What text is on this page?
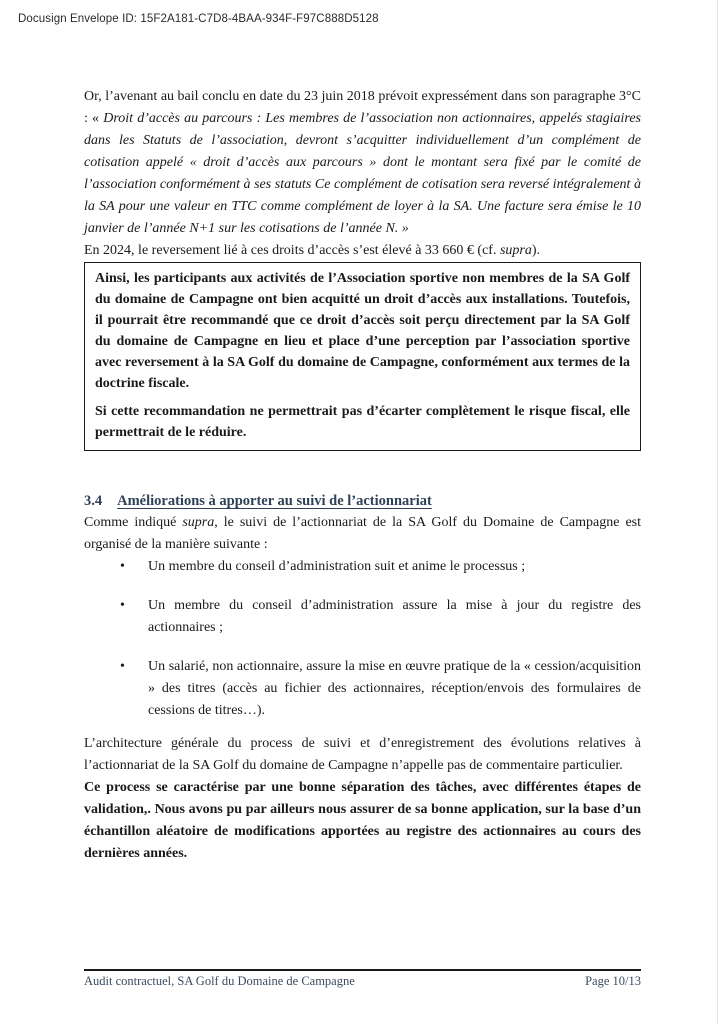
Docusign Envelope ID: 15F2A181-C7D8-4BAA-934F-F97C888D5128

Or, l’avenant au bail conclu en date du 23 juin 2018 prévoit expressément dans son paragraphe 3°C : « Droit d’accès au parcours : Les membres de l’association non actionnaires, appelés stagiaires dans les Statuts de l’association, devront s’acquitter individuellement d’un complément de cotisation appelé « droit d’accès aux parcours » dont le montant sera fixé par le comité de l’association conformément à ses statuts Ce complément de cotisation sera reversé intégralement à la SA pour une valeur en TTC comme complément de loyer à la SA. Une facture sera émise le 10 janvier de l’année N+1 sur les cotisations de l’année N. »

En 2024, le reversement lié à ces droits d’accès s’est élevé à 33 660 € (cf. supra).

Ainsi, les participants aux activités de l’Association sportive non membres de la SA Golf du domaine de Campagne ont bien acquitté un droit d’accès aux installations. Toutefois, il pourrait être recommandé que ce droit d’accès soit perçu directement par la SA Golf du domaine de Campagne en lieu et place d’une perception par l’association sportive avec reversement à la SA Golf du domaine de Campagne, conformément aux termes de la doctrine fiscale.

Si cette recommandation ne permettrait pas d’écarter complètement le risque fiscal, elle permettrait de le réduire.

3.4 Améliorations à apporter au suivi de l’actionnariat

Comme indiqué supra, le suivi de l’actionnariat de la SA Golf du Domaine de Campagne est organisé de la manière suivante :

•	Un membre du conseil d’administration suit et anime le processus ;
•	Un membre du conseil d’administration assure la mise à jour du registre des actionnaires ;
•	Un salarié, non actionnaire, assure la mise en œuvre pratique de la « cession/acquisition » des titres (accès au fichier des actionnaires, réception/envois des formulaires de cessions de titres…).

L’architecture générale du process de suivi et d’enregistrement des évolutions relatives à l’actionnariat de la SA Golf du domaine de Campagne n’appelle pas de commentaire particulier.

Ce process se caractérise par une bonne séparation des tâches, avec différentes étapes de validation,. Nous avons pu par ailleurs nous assurer de sa bonne application, sur la base d’un échantillon aléatoire de modifications apportées au registre des actionnaires au cours des dernières années.

Audit contractuel, SA Golf du Domaine de Campagne	Page 10/13
